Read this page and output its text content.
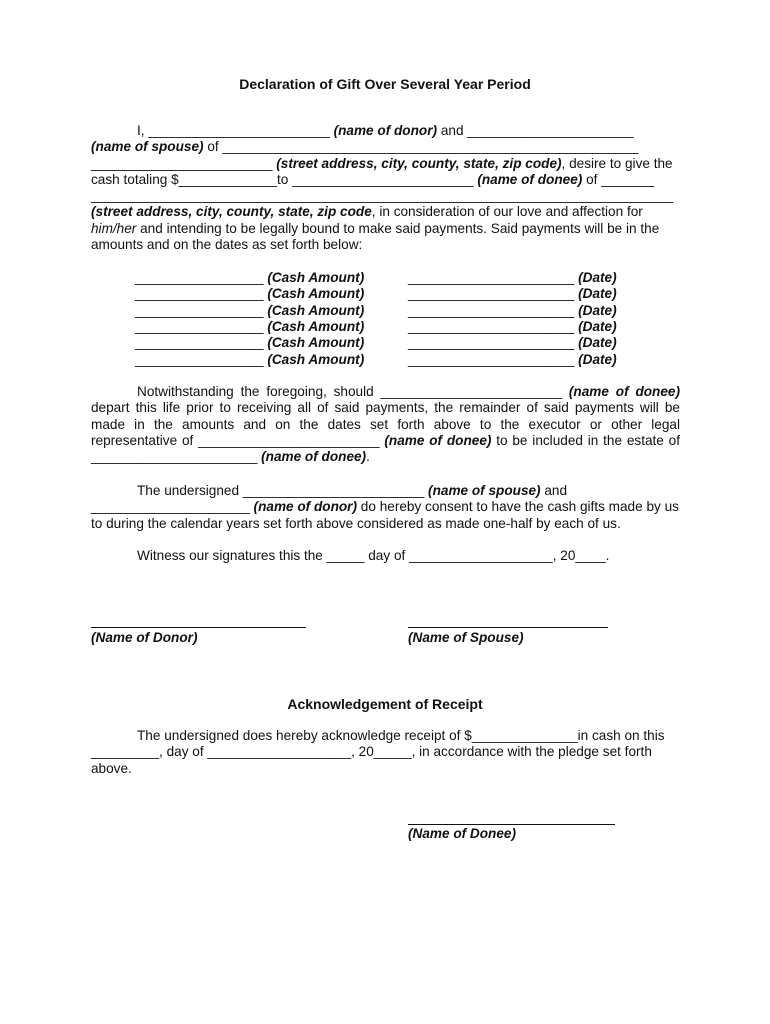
Declaration of Gift Over Several Year Period

I, ________________________ (name of donor) and ______________________
(name of spouse) of _______________________________________________________
________________________ (street address, city, county, state, zip code), desire to give the cash totaling $_____________to ________________________ (name of donee) of _______

_____________________________________________________________________________
(street address, city, county, state, zip code, in consideration of our love and affection for him/her and intending to be legally bound to make said payments. Said payments will be in the amounts and on the dates as set forth below:

_________________ (Cash Amount)	______________________ (Date)
_________________ (Cash Amount)	______________________ (Date)
_________________ (Cash Amount)	______________________ (Date)
_________________ (Cash Amount)	______________________ (Date)
_________________ (Cash Amount)	______________________ (Date)
_________________ (Cash Amount)	______________________ (Date)

Notwithstanding the foregoing, should ________________________ (name of donee) depart this life prior to receiving all of said payments, the remainder of said payments will be made in the amounts and on the dates set forth above to the executor or other legal representative of ________________________ (name of donee) to be included in the estate of ______________________ (name of donee).

The undersigned ________________________ (name of spouse) and
_____________________ (name of donor) do hereby consent to have the cash gifts made by us to during the calendar years set forth above considered as made one-half by each of us.

Witness our signatures this the _____ day of ___________________, 20____.

(Name of Donor)	(Name of Spouse)
Acknowledgement of Receipt

The undersigned does hereby acknowledge receipt of $______________in cash on this
_________, day of ___________________, 20_____, in accordance with the pledge set forth above.

(Name of Donee)
